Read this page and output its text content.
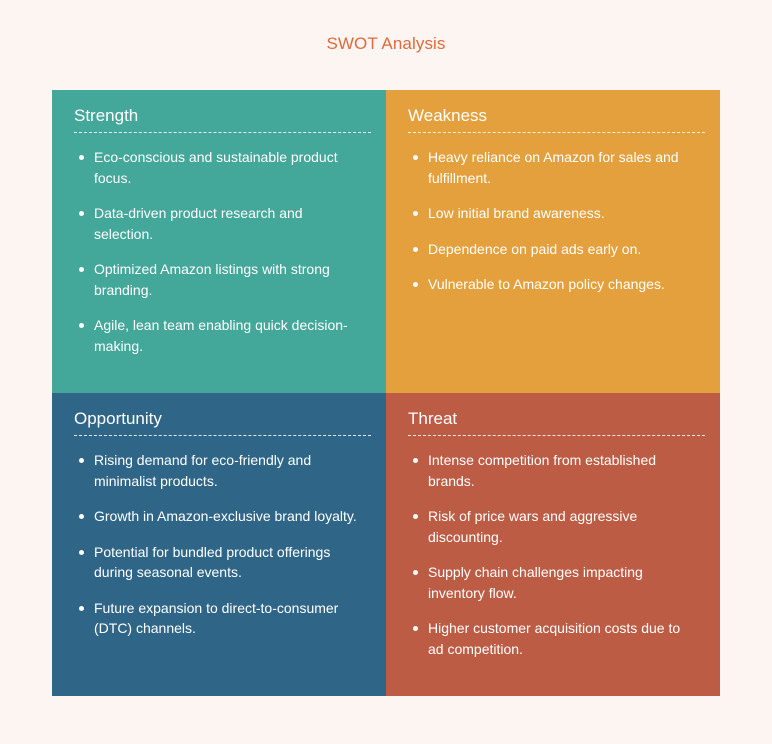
SWOT Analysis
Strength
Eco-conscious and sustainable product focus.
Data-driven product research and selection.
Optimized Amazon listings with strong branding.
Agile, lean team enabling quick decision-making.
Weakness
Heavy reliance on Amazon for sales and fulfillment.
Low initial brand awareness.
Dependence on paid ads early on.
Vulnerable to Amazon policy changes.
Opportunity
Rising demand for eco-friendly and minimalist products.
Growth in Amazon-exclusive brand loyalty.
Potential for bundled product offerings during seasonal events.
Future expansion to direct-to-consumer (DTC) channels.
Threat
Intense competition from established brands.
Risk of price wars and aggressive discounting.
Supply chain challenges impacting inventory flow.
Higher customer acquisition costs due to ad competition.
